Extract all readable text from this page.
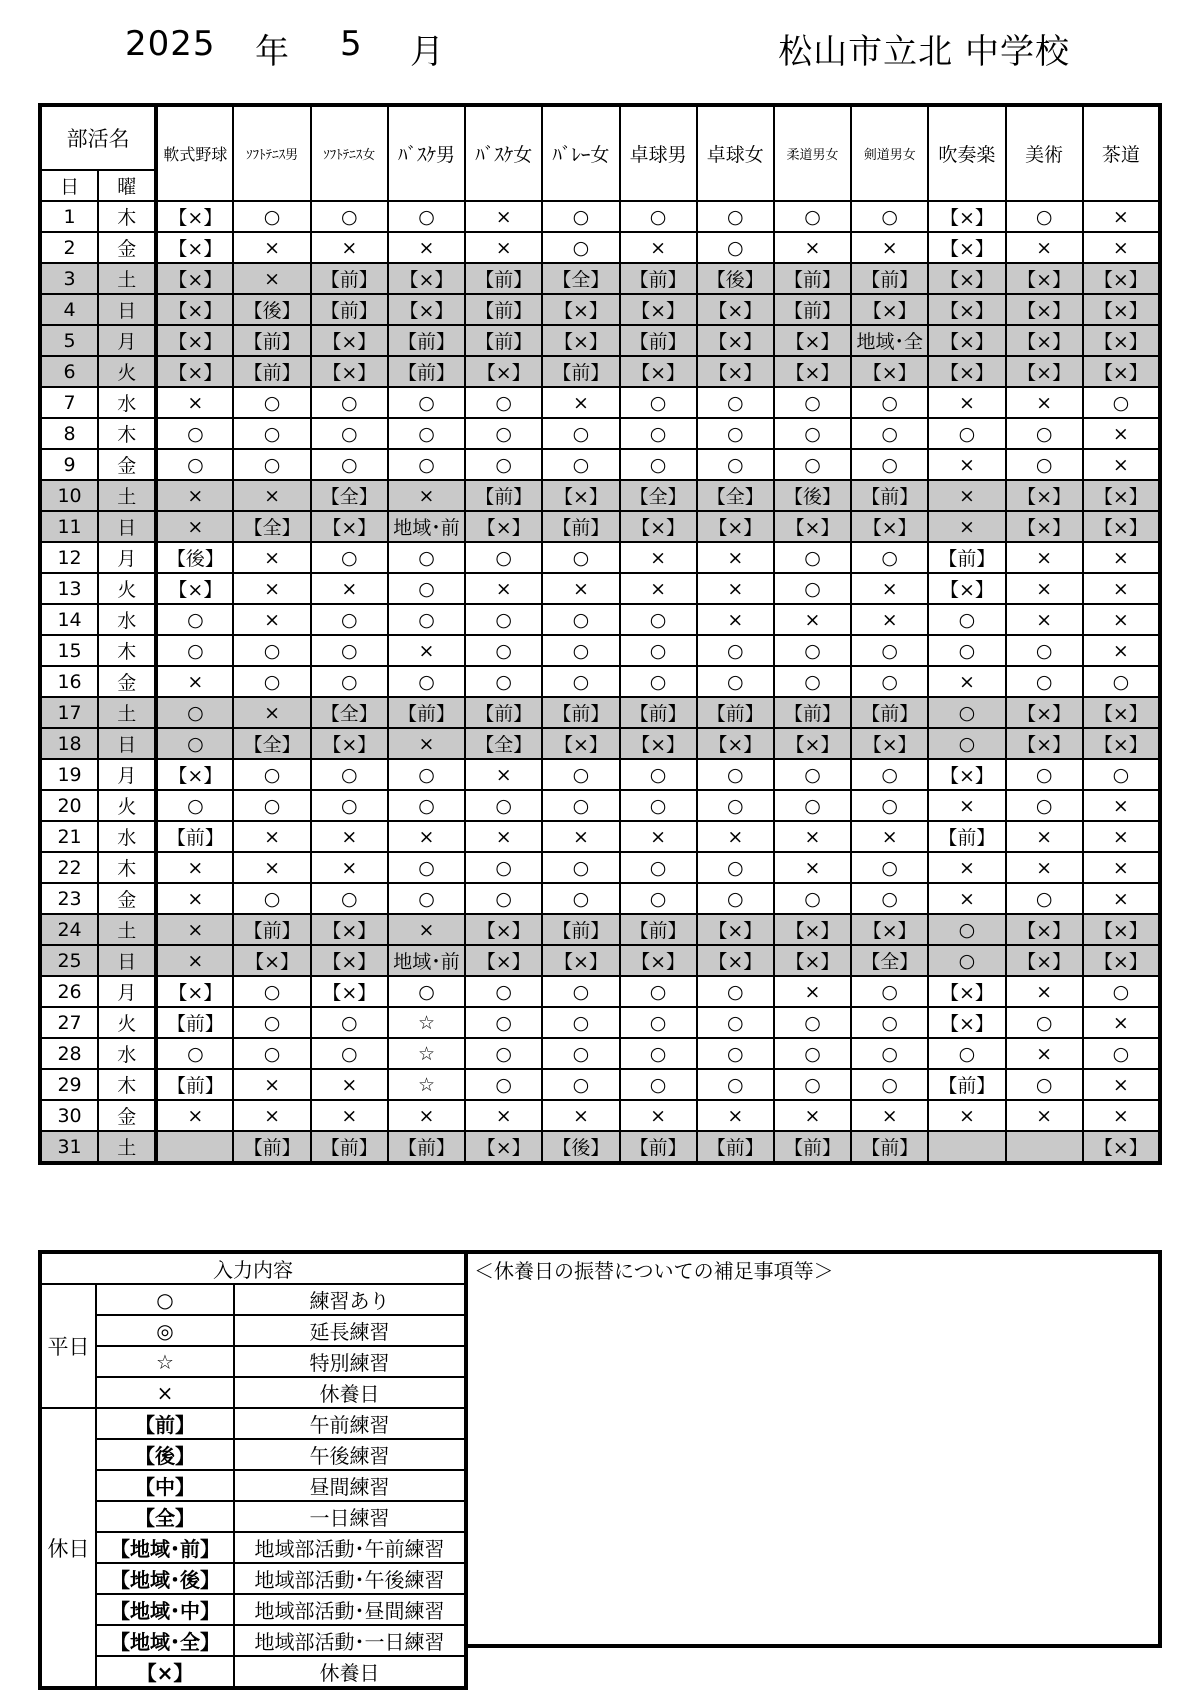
2025 年 5 月	松山市立北 中学校
部活名		軟式野球	ｿﾌﾄﾃﾆｽ男	ｿﾌﾄﾃﾆｽ女	ﾊﾞｽｹ男	ﾊﾞｽｹ女	ﾊﾞﾚｰ女	卓球男	卓球女	柔道男女	剣道男女	吹奏楽	美術	茶道
日	曜													
1	木	【×】	○	○	○	×	○	○	○	○	○	【×】	○	×
2	金	【×】	×	×	×	×	○	×	○	×	×	【×】	×	×
3	土	【×】	×	【前】	【×】	【前】	【全】	【前】	【後】	【前】	【前】	【×】	【×】	【×】
4	日	【×】	【後】	【前】	【×】	【前】	【×】	【×】	【×】	【前】	【×】	【×】	【×】	【×】
5	月	【×】	【前】	【×】	【前】	【前】	【×】	【前】	【×】	【×】	地域･全	【×】	【×】	【×】
6	火	【×】	【前】	【×】	【前】	【×】	【前】	【×】	【×】	【×】	【×】	【×】	【×】	【×】
7	水	×	○	○	○	○	×	○	○	○	○	×	×	○
8	木	○	○	○	○	○	○	○	○	○	○	○	○	×
9	金	○	○	○	○	○	○	○	○	○	○	×	○	×
10	土	×	×	【全】	×	【前】	【×】	【全】	【全】	【後】	【前】	×	【×】	【×】
11	日	×	【全】	【×】	地域･前	【×】	【前】	【×】	【×】	【×】	【×】	×	【×】	【×】
12	月	【後】	×	○	○	○	○	×	×	○	○	【前】	×	×
13	火	【×】	×	×	○	×	×	×	×	○	×	【×】	×	×
14	水	○	×	○	○	○	○	○	×	×	×	○	×	×
15	木	○	○	○	×	○	○	○	○	○	○	○	○	×
16	金	×	○	○	○	○	○	○	○	○	○	×	○	○
17	土	○	×	【全】	【前】	【前】	【前】	【前】	【前】	【前】	【前】	○	【×】	【×】
18	日	○	【全】	【×】	×	【全】	【×】	【×】	【×】	【×】	【×】	○	【×】	【×】
19	月	【×】	○	○	○	×	○	○	○	○	○	【×】	○	○
20	火	○	○	○	○	○	○	○	○	○	○	×	○	×
21	水	【前】	×	×	×	×	×	×	×	×	×	【前】	×	×
22	木	×	×	×	○	○	○	○	○	×	○	×	×	×
23	金	×	○	○	○	○	○	○	○	○	○	×	○	×
24	土	×	【前】	【×】	×	【×】	【前】	【前】	【×】	【×】	【×】	○	【×】	【×】
25	日	×	【×】	【×】	地域･前	【×】	【×】	【×】	【×】	【×】	【全】	○	【×】	【×】
26	月	【×】	○	【×】	○	○	○	○	○	×	○	【×】	×	○
27	火	【前】	○	○	☆	○	○	○	○	○	○	【×】	○	×
28	水	○	○	○	☆	○	○	○	○	○	○	○	×	○
29	木	【前】	×	×	☆	○	○	○	○	○	○	【前】	○	×
30	金	×	×	×	×	×	×	×	×	×	×	×	×	×
31	土		【前】	【前】	【前】	【×】	【後】	【前】	【前】	【前】	【前】			【×】
入力内容		
平日	○	練習あり
	◎	延長練習
	☆	特別練習
	×	休養日
休日	【前】	午前練習
	【後】	午後練習
	【中】	昼間練習
	【全】	一日練習
	【地域･前】	地域部活動･午前練習
	【地域･後】	地域部活動･午後練習
	【地域･中】	地域部活動･昼間練習
	【地域･全】	地域部活動･一日練習
	【×】	休養日
＜休養日の振替についての補足事項等＞
